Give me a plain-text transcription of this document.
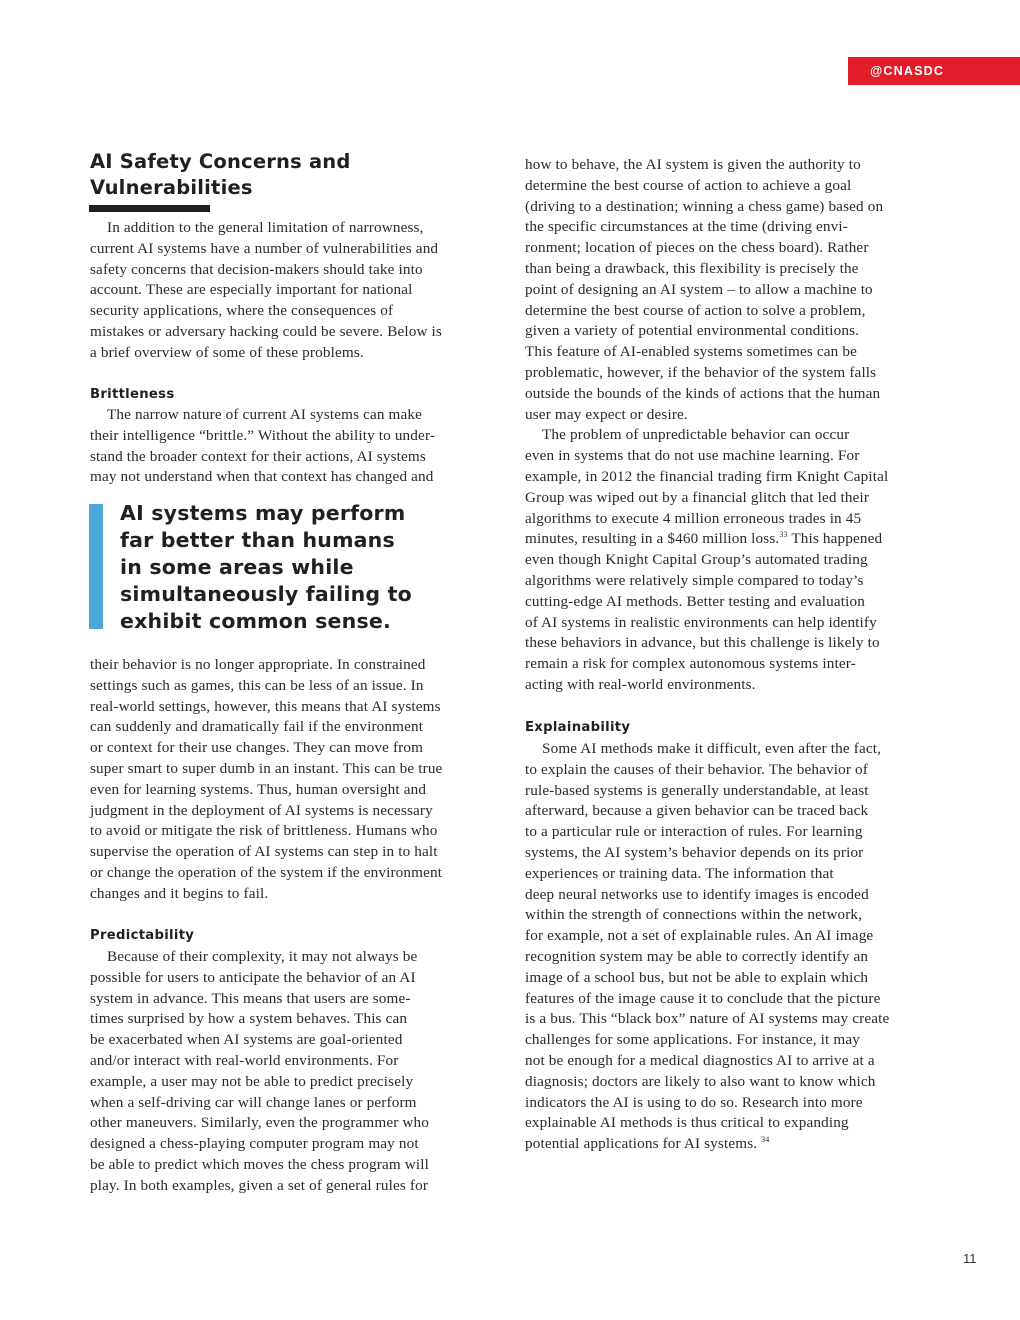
@CNASDC
AI Safety Concerns and
Vulnerabilities
In addition to the general limitation of narrowness,
current AI systems have a number of vulnerabilities and
safety concerns that decision-makers should take into
account. These are especially important for national
security applications, where the consequences of
mistakes or adversary hacking could be severe. Below is
a brief overview of some of these problems.
Brittleness
The narrow nature of current AI systems can make
their intelligence “brittle.” Without the ability to under-
stand the broader context for their actions, AI systems
may not understand when that context has changed and
AI systems may perform
far better than humans
in some areas while
simultaneously failing to
exhibit common sense.
their behavior is no longer appropriate. In constrained
settings such as games, this can be less of an issue. In
real-world settings, however, this means that AI systems
can suddenly and dramatically fail if the environment
or context for their use changes. They can move from
super smart to super dumb in an instant. This can be true
even for learning systems. Thus, human oversight and
judgment in the deployment of AI systems is necessary
to avoid or mitigate the risk of brittleness. Humans who
supervise the operation of AI systems can step in to halt
or change the operation of the system if the environment
changes and it begins to fail.
Predictability
Because of their complexity, it may not always be
possible for users to anticipate the behavior of an AI
system in advance. This means that users are some-
times surprised by how a system behaves. This can
be exacerbated when AI systems are goal-oriented
and/or interact with real-world environments. For
example, a user may not be able to predict precisely
when a self-driving car will change lanes or perform
other maneuvers. Similarly, even the programmer who
designed a chess-playing computer program may not
be able to predict which moves the chess program will
play. In both examples, given a set of general rules for
how to behave, the AI system is given the authority to
determine the best course of action to achieve a goal
(driving to a destination; winning a chess game) based on
the specific circumstances at the time (driving envi-
ronment; location of pieces on the chess board). Rather
than being a drawback, this flexibility is precisely the
point of designing an AI system – to allow a machine to
determine the best course of action to solve a problem,
given a variety of potential environmental conditions.
This feature of AI-enabled systems sometimes can be
problematic, however, if the behavior of the system falls
outside the bounds of the kinds of actions that the human
user may expect or desire.
The problem of unpredictable behavior can occur
even in systems that do not use machine learning. For
example, in 2012 the financial trading firm Knight Capital
Group was wiped out by a financial glitch that led their
algorithms to execute 4 million erroneous trades in 45
minutes, resulting in a $460 million loss.$^{33}$ This happened
even though Knight Capital Group’s automated trading
algorithms were relatively simple compared to today’s
cutting-edge AI methods. Better testing and evaluation
of AI systems in realistic environments can help identify
these behaviors in advance, but this challenge is likely to
remain a risk for complex autonomous systems inter-
acting with real-world environments.
Explainability
Some AI methods make it difficult, even after the fact,
to explain the causes of their behavior. The behavior of
rule-based systems is generally understandable, at least
afterward, because a given behavior can be traced back
to a particular rule or interaction of rules. For learning
systems, the AI system’s behavior depends on its prior
experiences or training data. The information that
deep neural networks use to identify images is encoded
within the strength of connections within the network,
for example, not a set of explainable rules. An AI image
recognition system may be able to correctly identify an
image of a school bus, but not be able to explain which
features of the image cause it to conclude that the picture
is a bus. This “black box” nature of AI systems may create
challenges for some applications. For instance, it may
not be enough for a medical diagnostics AI to arrive at a
diagnosis; doctors are likely to also want to know which
indicators the AI is using to do so. Research into more
explainable AI methods is thus critical to expanding
potential applications for AI systems. $^{34}$
11
